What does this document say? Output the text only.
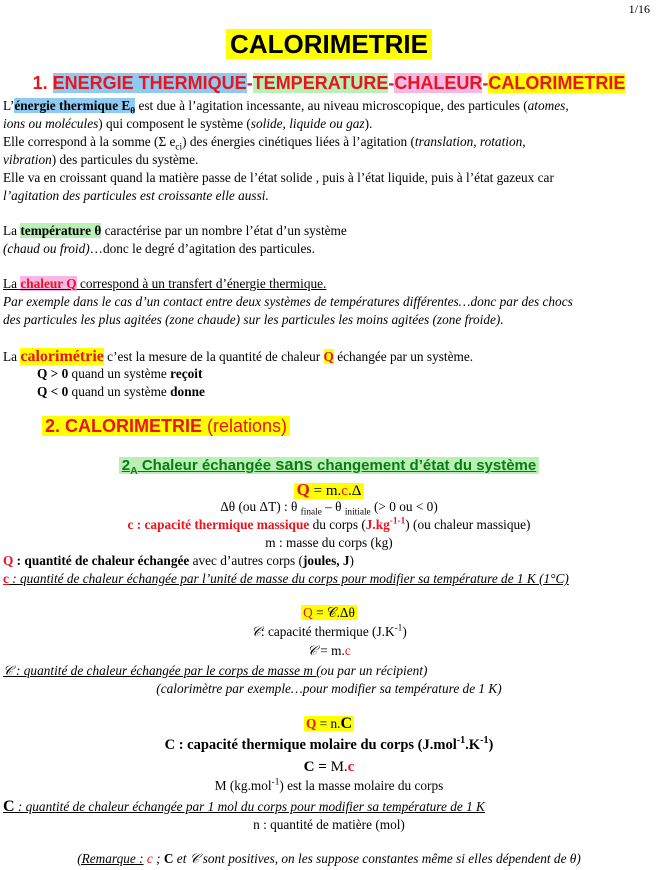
1/16
CALORIMETRIE
1. ENERGIE THERMIQUE-TEMPERATURE-CHALEUR-CALORIMETRIE
L’énergie thermique $E_\theta$ est due à l’agitation incessante, au niveau microscopique, des particules (atomes,
ions ou molécules) qui composent le système (solide, liquide ou gaz).
Elle correspond à la somme (Σ $e_{ci}$) des énergies cinétiques liées à l’agitation (translation, rotation,
vibration) des particules du système.
Elle va en croissant quand la matière passe de l’état solide , puis à l’état liquide, puis à l’état gazeux car
l’agitation des particules est croissante elle aussi.
La température θ caractérise par un nombre l’état d’un système
(chaud ou froid)…donc le degré d’agitation des particules.
La chaleur Q correspond à un transfert d’énergie thermique.
Par exemple dans le cas d’un contact entre deux systèmes de températures différentes…donc par des chocs
des particules les plus agitées (zone chaude) sur les particules les moins agitées (zone froide).
La calorimétrie c’est la mesure de la quantité de chaleur Q échangée par un système.
Q > 0 quand un système reçoit
Q < 0 quand un système donne
2. CALORIMETRIE (relations)
$2_A$ Chaleur échangée sans changement d’état du système
Q = m.c.Δ
Δθ (ou ΔT) : θ $_{finale}$ – θ $_{initiale}$ (> 0 ou < 0)
c : capacité thermique massique du corps $(J.kg^{-1-1})$ (ou chaleur massique)
m : masse du corps (kg)
Q : quantité de chaleur échangée avec d’autres corps (joules, J)
c : quantité de chaleur échangée par l’unité de masse du corps pour modifier sa température de 1 K (1°C)
Q = 𝒞.Δθ
𝒞: capacité thermique $(J.K^{-1})$
𝒞 = m.c
𝒞 : quantité de chaleur échangée par le corps de masse m (ou par un récipient)
(calorimètre par exemple…pour modifier sa température de 1 K)
Q = n.C
C : capacité thermique molaire du corps $(J.mol^{-1}.K^{-1})$
C = M.c
M (kg.mol$^{-1}$) est la masse molaire du corps
C : quantité de chaleur échangée par 1 mol du corps pour modifier sa température de 1 K
n : quantité de matière (mol)
(Remarque : c ; C et 𝒞 sont positives, on les suppose constantes même si elles dépendent de θ)
